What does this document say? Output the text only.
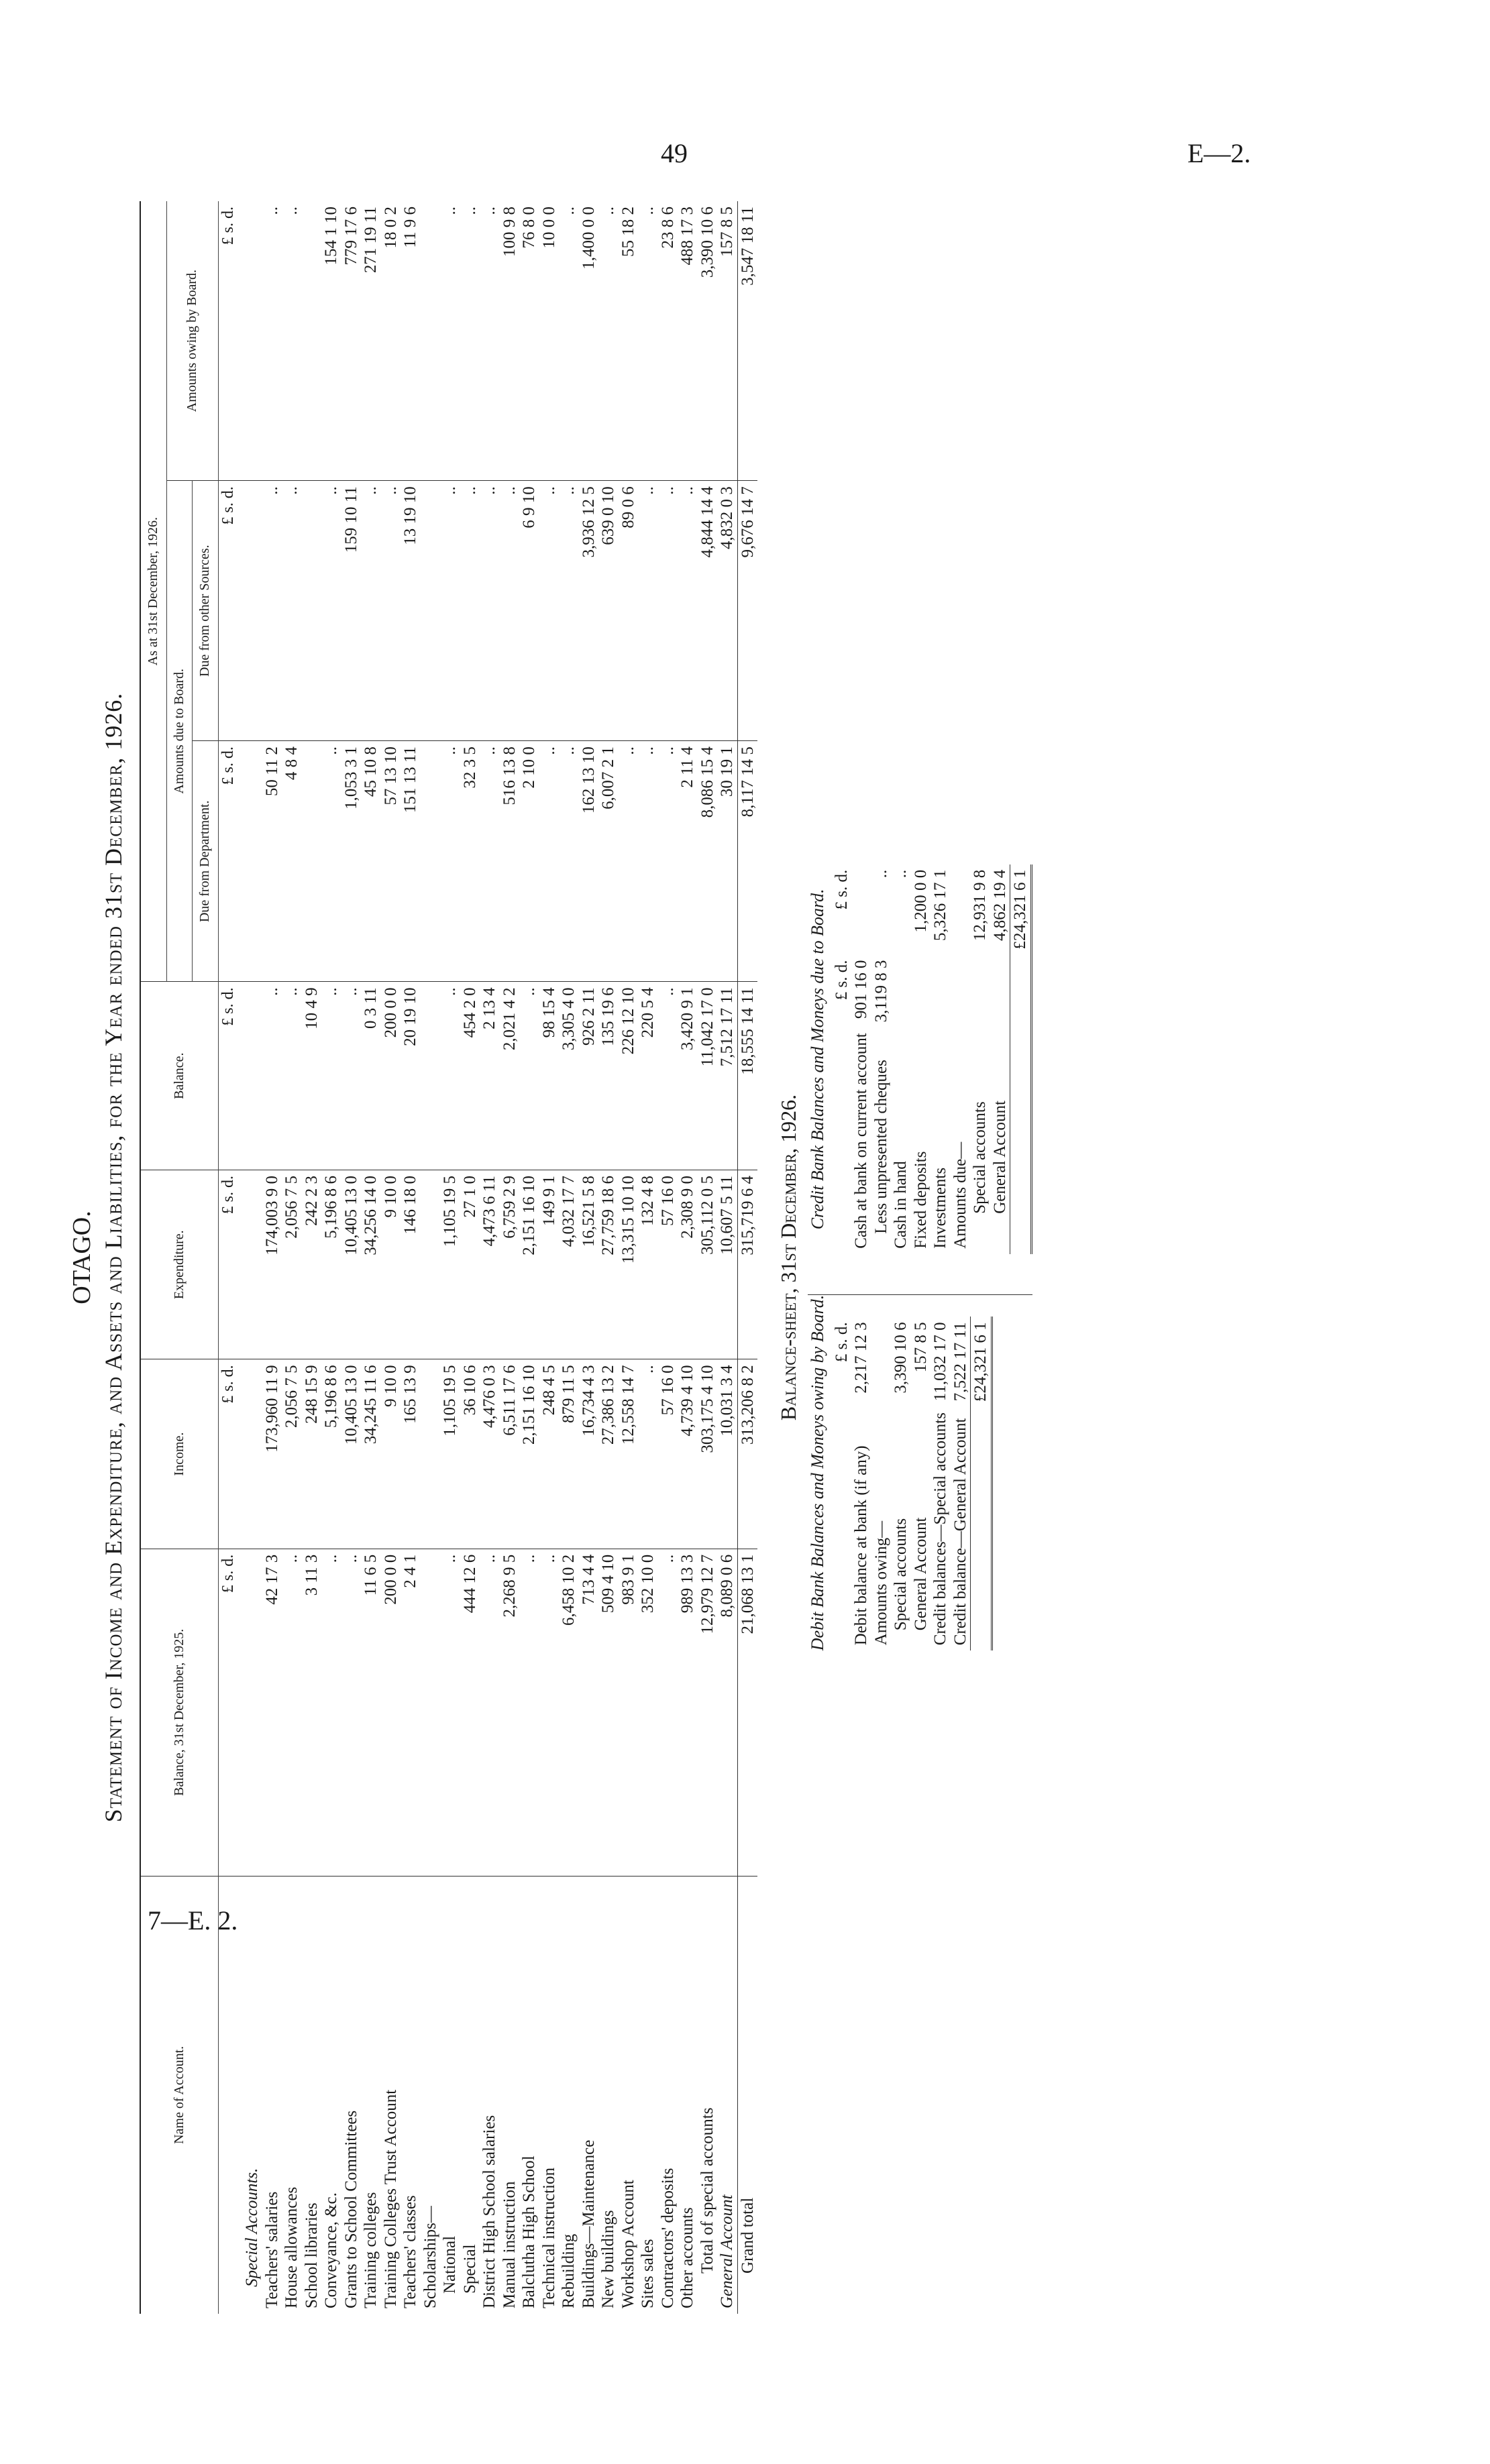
49	E—2.
7—E. 2.

OTAGO. Statement of Income and Expenditure, and Assets and Liabilities, for the Year ended 31st December, 1926.

Name of Account.	Balance, 31st December, 1925.	Income.	Expenditure.	Balance.	As at 31st December, 1926.		
					Amounts due to Board.		Amounts owing by Board.
					Due from Department.	Due from other Sources.	
	£ s. d.	£ s. d.	£ s. d.	£ s. d.	£ s. d.	£ s. d.	£ s. d.
Special Accounts.							
Teachers' salaries	42 17 3	173,960 11 9	174,003 9 0	..	50 11 2	..	..
House allowances	..	2,056 7 5	2,056 7 5	..	4 8 4	..	..
School libraries	3 11 3	248 15 9	242 2 3	10 4 9			
Conveyance, &c.	..	5,196 8 6	5,196 8 6	..	..	..	154 1 10
Grants to School Committees	..	10,405 13 0	10,405 13 0	..	1,053 3 1	159 10 11	779 17 6
Training colleges	11 6 5	34,245 11 6	34,256 14 0	0 3 11	45 10 8	..	271 19 11
Training Colleges Trust Account	200 0 0	9 10 0	9 10 0	200 0 0	57 13 10	..	18 0 2
Teachers' classes	2 4 1	165 13 9	146 18 0	20 19 10	151 13 11	13 19 10	11 9 6
Scholarships—							
National	..	1,105 19 5	1,105 19 5	..	..	..	..
Special	444 12 6	36 10 6	27 1 0	454 2 0	32 3 5	..	..
District High School salaries	..	4,476 0 3	4,473 6 11	2 13 4	..	..	..
Manual instruction	2,268 9 5	6,511 17 6	6,759 2 9	2,021 4 2	516 13 8	..	100 9 8
Balclutha High School	..	2,151 16 10	2,151 16 10	..	2 10 0	6 9 10	76 8 0
Technical instruction	..	248 4 5	149 9 1	98 15 4	..	..	10 0 0
Rebuilding	6,458 10 2	879 11 5	4,032 17 7	3,305 4 0	..	..	..
Buildings—Maintenance	713 4 4	16,734 4 3	16,521 5 8	926 2 11	162 13 10	3,936 12 5	1,400 0 0
New buildings	509 4 10	27,386 13 2	27,759 18 6	135 19 6	6,007 2 1	639 0 10	..
Workshop Account	983 9 1	12,558 14 7	13,315 10 10	226 12 10	..	89 0 6	55 18 2
Sites sales	352 10 0	..	132 4 8	220 5 4	..	..	..
Contractors' deposits	..	57 16 0	57 16 0	..	..	..	23 8 6
Other accounts	989 13 3	4,739 4 10	2,308 9 0	3,420 9 1	2 11 4	..	488 17 3
Total of special accounts	12,979 12 7	303,175 4 10	305,112 0 5	11,042 17 0	8,086 15 4	4,844 14 4	3,390 10 6
General Account	8,089 0 6	10,031 3 4	10,607 5 11	7,512 17 11	30 19 1	4,832 0 3	157 8 5
Grand total	21,068 13 1	313,206 8 2	315,719 6 4	18,555 14 11	8,117 14 5	9,676 14 7	3,547 18 11
Balance-sheet, 31st December, 1926.
Debit Bank Balances and Moneys owing by Board.
	£ s. d.
Debit balance at bank (if any)	2,217 12 3
Amounts owing—	
Special accounts	3,390 10 6
General Account	157 8 5
Credit balances—Special accounts	11,032 17 0
Credit balance—General Account	7,522 17 11
	£24,321 6 1
Credit Bank Balances and Moneys due to Board.
	£ s. d.	£ s. d.
Cash at bank on current account	901 16 0	
Less unpresented cheques	3,119 8 3	..
Cash in hand		..
Fixed deposits		1,200 0 0
Investments		5,326 17 1
Amounts due—		
Special accounts		12,931 9 8
General Account		4,862 19 4
		£24,321 6 1
